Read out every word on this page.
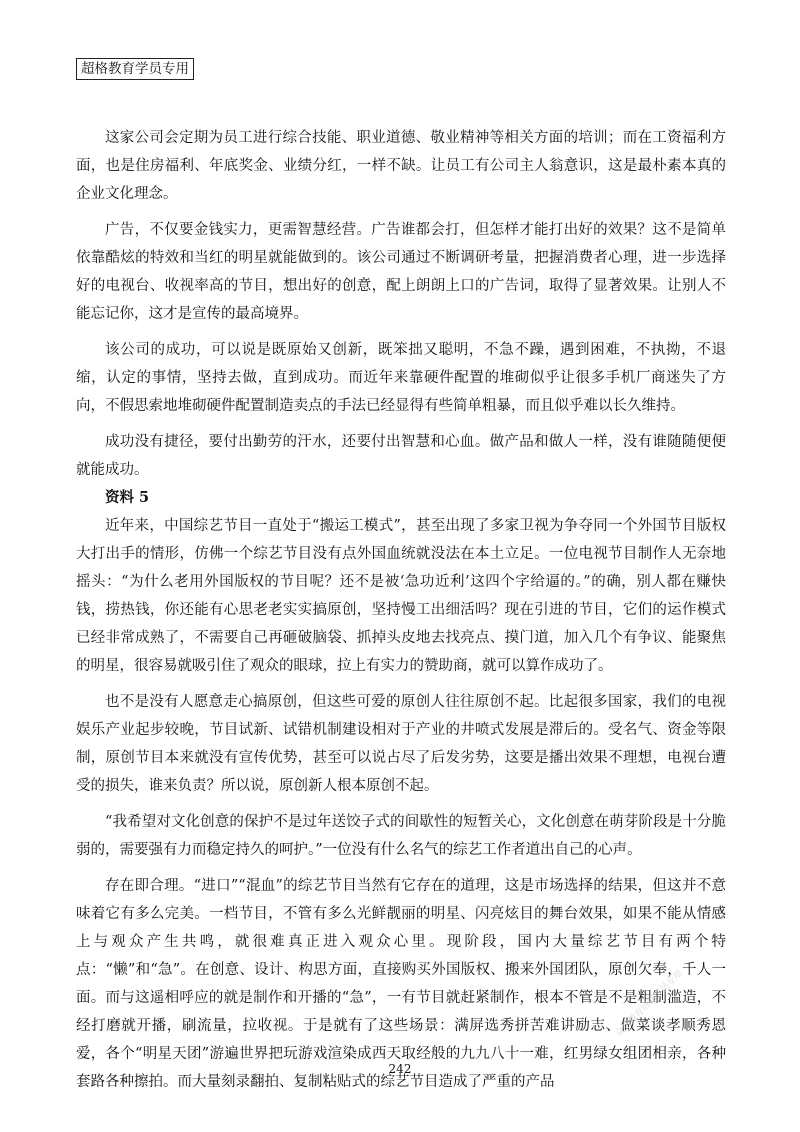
超格教育学员专用

这家公司会定期为员工进行综合技能、职业道德、敬业精神等相关方面的培训；而在工资福利方面，也是住房福利、年底奖金、业绩分红，一样不缺。让员工有公司主人翁意识，这是最朴素本真的企业文化理念。

广告，不仅要金钱实力，更需智慧经营。广告谁都会打，但怎样才能打出好的效果？这不是简单依靠酷炫的特效和当红的明星就能做到的。该公司通过不断调研考量，把握消费者心理，进一步选择好的电视台、收视率高的节目，想出好的创意，配上朗朗上口的广告词，取得了显著效果。让别人不能忘记你，这才是宣传的最高境界。

该公司的成功，可以说是既原始又创新，既笨拙又聪明，不急不躁，遇到困难，不执拗，不退缩，认定的事情，坚持去做，直到成功。而近年来靠硬件配置的堆砌似乎让很多手机厂商迷失了方向，不假思索地堆砌硬件配置制造卖点的手法已经显得有些简单粗暴，而且似乎难以长久维持。

成功没有捷径，要付出勤劳的汗水，还要付出智慧和心血。做产品和做人一样，没有谁随随便便就能成功。

资料 5

近年来，中国综艺节目一直处于“搬运工模式”，甚至出现了多家卫视为争夺同一个外国节目版权大打出手的情形，仿佛一个综艺节目没有点外国血统就没法在本土立足。一位电视节目制作人无奈地摇头：“为什么老用外国版权的节目呢？还不是被‘急功近利’这四个字给逼的。”的确，别人都在赚快钱，捞热钱，你还能有心思老老实实搞原创，坚持慢工出细活吗？现在引进的节目，它们的运作模式已经非常成熟了，不需要自己再砸破脑袋、抓掉头皮地去找亮点、摸门道，加入几个有争议、能聚焦的明星，很容易就吸引住了观众的眼球，拉上有实力的赞助商，就可以算作成功了。

也不是没有人愿意走心搞原创，但这些可爱的原创人往往原创不起。比起很多国家，我们的电视娱乐产业起步较晚，节目试新、试错机制建设相对于产业的井喷式发展是滞后的。受名气、资金等限制，原创节目本来就没有宣传优势，甚至可以说占尽了后发劣势，这要是播出效果不理想，电视台遭受的损失，谁来负责？所以说，原创新人根本原创不起。

“我希望对文化创意的保护不是过年送饺子式的间歇性的短暂关心，文化创意在萌芽阶段是十分脆弱的，需要强有力而稳定持久的呵护。”一位没有什么名气的综艺工作者道出自己的心声。

存在即合理。“进口”“混血”的综艺节目当然有它存在的道理，这是市场选择的结果，但这并不意味着它有多么完美。一档节目，不管有多么光鲜靓丽的明星、闪亮炫目的舞台效果，如果不能从情感上与观众产生共鸣，就很难真正进入观众心里。现阶段，国内大量综艺节目有两个特点：“懒”和“急”。在创意、设计、构思方面，直接购买外国版权、搬来外国团队，原创欠奉，千人一面。而与这遥相呼应的就是制作和开播的“急”，一有节目就赶紧制作，根本不管是不是粗制滥造，不经打磨就开播，刷流量，拉收视。于是就有了这些场景：满屏选秀拼苦难讲励志、做菜谈孝顺秀恩爱，各个“明星天团”游遍世界把玩游戏渲染成西天取经般的九九八十一难，红男绿女组团相亲，各种套路各种擦拍。而大量刻录翻拍、复制粘贴式的综艺节目造成了严重的产品

242
众学教育培训学员专用
